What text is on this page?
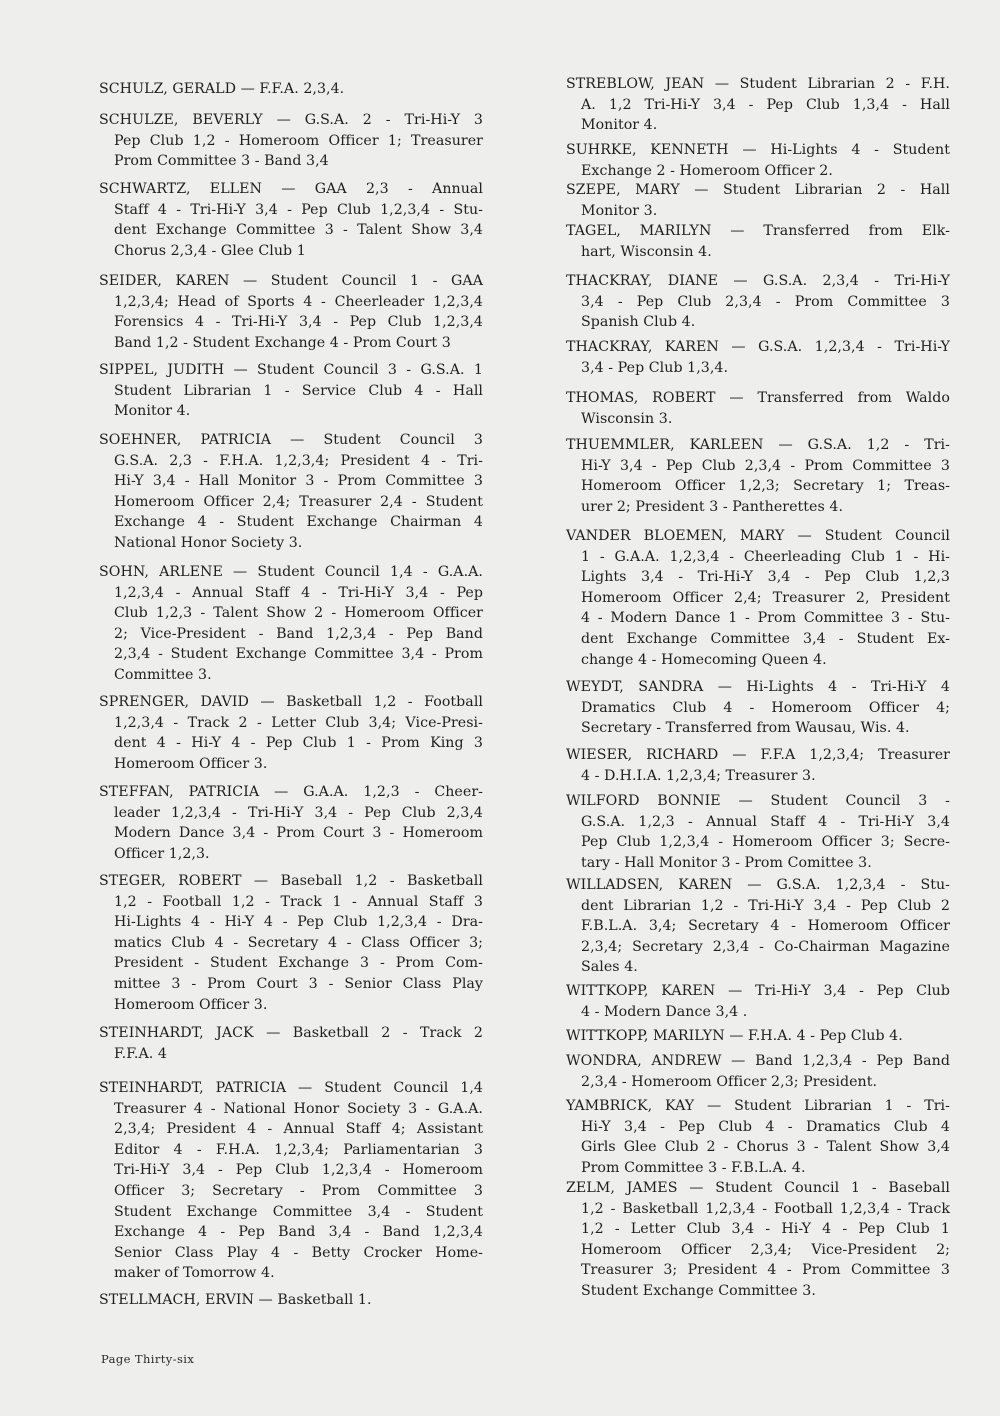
SCHULZ, GERALD — F.F.A. 2,3,4.
SCHULZE, BEVERLY — G.S.A. 2 - Tri-Hi-Y 3
Pep Club 1,2 - Homeroom Officer 1; Treasurer
Prom Committee 3 - Band 3,4
SCHWARTZ, ELLEN — GAA 2,3 - Annual
Staff 4 - Tri-Hi-Y 3,4 - Pep Club 1,2,3,4 - Stu-
dent Exchange Committee 3 - Talent Show 3,4
Chorus 2,3,4 - Glee Club 1
SEIDER, KAREN — Student Council 1 - GAA
1,2,3,4; Head of Sports 4 - Cheerleader 1,2,3,4
Forensics 4 - Tri-Hi-Y 3,4 - Pep Club 1,2,3,4
Band 1,2 - Student Exchange 4 - Prom Court 3
SIPPEL, JUDITH — Student Council 3 - G.S.A. 1
Student Librarian 1 - Service Club 4 - Hall
Monitor 4.
SOEHNER, PATRICIA — Student Council 3
G.S.A. 2,3 - F.H.A. 1,2,3,4; President 4 - Tri-
Hi-Y 3,4 - Hall Monitor 3 - Prom Committee 3
Homeroom Officer 2,4; Treasurer 2,4 - Student
Exchange 4 - Student Exchange Chairman 4
National Honor Society 3.
SOHN, ARLENE — Student Council 1,4 - G.A.A.
1,2,3,4 - Annual Staff 4 - Tri-Hi-Y 3,4 - Pep
Club 1,2,3 - Talent Show 2 - Homeroom Officer
2; Vice-President - Band 1,2,3,4 - Pep Band
2,3,4 - Student Exchange Committee 3,4 - Prom
Committee 3.
SPRENGER, DAVID — Basketball 1,2 - Football
1,2,3,4 - Track 2 - Letter Club 3,4; Vice-Presi-
dent 4 - Hi-Y 4 - Pep Club 1 - Prom King 3
Homeroom Officer 3.
STEFFAN, PATRICIA — G.A.A. 1,2,3 - Cheer-
leader 1,2,3,4 - Tri-Hi-Y 3,4 - Pep Club 2,3,4
Modern Dance 3,4 - Prom Court 3 - Homeroom
Officer 1,2,3.
STEGER, ROBERT — Baseball 1,2 - Basketball
1,2 - Football 1,2 - Track 1 - Annual Staff 3
Hi-Lights 4 - Hi-Y 4 - Pep Club 1,2,3,4 - Dra-
matics Club 4 - Secretary 4 - Class Officer 3;
President - Student Exchange 3 - Prom Com-
mittee 3 - Prom Court 3 - Senior Class Play
Homeroom Officer 3.
STEINHARDT, JACK — Basketball 2 - Track 2
F.F.A. 4
STEINHARDT, PATRICIA — Student Council 1,4
Treasurer 4 - National Honor Society 3 - G.A.A.
2,3,4; President 4 - Annual Staff 4; Assistant
Editor 4 - F.H.A. 1,2,3,4; Parliamentarian 3
Tri-Hi-Y 3,4 - Pep Club 1,2,3,4 - Homeroom
Officer 3; Secretary - Prom Committee 3
Student Exchange Committee 3,4 - Student
Exchange 4 - Pep Band 3,4 - Band 1,2,3,4
Senior Class Play 4 - Betty Crocker Home-
maker of Tomorrow 4.
STELLMACH, ERVIN — Basketball 1.
STREBLOW, JEAN — Student Librarian 2 - F.H.
A. 1,2 Tri-Hi-Y 3,4 - Pep Club 1,3,4 - Hall
Monitor 4.
SUHRKE, KENNETH — Hi-Lights 4 - Student
Exchange 2 - Homeroom Officer 2.
SZEPE, MARY — Student Librarian 2 - Hall
Monitor 3.
TAGEL, MARILYN — Transferred from Elk-
hart, Wisconsin 4.
THACKRAY, DIANE — G.S.A. 2,3,4 - Tri-Hi-Y
3,4 - Pep Club 2,3,4 - Prom Committee 3
Spanish Club 4.
THACKRAY, KAREN — G.S.A. 1,2,3,4 - Tri-Hi-Y
3,4 - Pep Club 1,3,4.
THOMAS, ROBERT — Transferred from Waldo
Wisconsin 3.
THUEMMLER, KARLEEN — G.S.A. 1,2 - Tri-
Hi-Y 3,4 - Pep Club 2,3,4 - Prom Committee 3
Homeroom Officer 1,2,3; Secretary 1; Treas-
urer 2; President 3 - Pantherettes 4.
VANDER BLOEMEN, MARY — Student Council
1 - G.A.A. 1,2,3,4 - Cheerleading Club 1 - Hi-
Lights 3,4 - Tri-Hi-Y 3,4 - Pep Club 1,2,3
Homeroom Officer 2,4; Treasurer 2, President
4 - Modern Dance 1 - Prom Committee 3 - Stu-
dent Exchange Committee 3,4 - Student Ex-
change 4 - Homecoming Queen 4.
WEYDT, SANDRA — Hi-Lights 4 - Tri-Hi-Y 4
Dramatics Club 4 - Homeroom Officer 4;
Secretary - Transferred from Wausau, Wis. 4.
WIESER, RICHARD — F.F.A 1,2,3,4; Treasurer
4 - D.H.I.A. 1,2,3,4; Treasurer 3.
WILFORD BONNIE — Student Council 3 -
G.S.A. 1,2,3 - Annual Staff 4 - Tri-Hi-Y 3,4
Pep Club 1,2,3,4 - Homeroom Officer 3; Secre-
tary - Hall Monitor 3 - Prom Comittee 3.
WILLADSEN, KAREN — G.S.A. 1,2,3,4 - Stu-
dent Librarian 1,2 - Tri-Hi-Y 3,4 - Pep Club 2
F.B.L.A. 3,4; Secretary 4 - Homeroom Officer
2,3,4; Secretary 2,3,4 - Co-Chairman Magazine
Sales 4.
WITTKOPP, KAREN — Tri-Hi-Y 3,4 - Pep Club
4 - Modern Dance 3,4 .
WITTKOPP, MARILYN — F.H.A. 4 - Pep Club 4.
WONDRA, ANDREW — Band 1,2,3,4 - Pep Band
2,3,4 - Homeroom Officer 2,3; President.
YAMBRICK, KAY — Student Librarian 1 - Tri-
Hi-Y 3,4 - Pep Club 4 - Dramatics Club 4
Girls Glee Club 2 - Chorus 3 - Talent Show 3,4
Prom Committee 3 - F.B.L.A. 4.
ZELM, JAMES — Student Council 1 - Baseball
1,2 - Basketball 1,2,3,4 - Football 1,2,3,4 - Track
1,2 - Letter Club 3,4 - Hi-Y 4 - Pep Club 1
Homeroom Officer 2,3,4; Vice-President 2;
Treasurer 3; President 4 - Prom Committee 3
Student Exchange Committee 3.
Page Thirty-six
